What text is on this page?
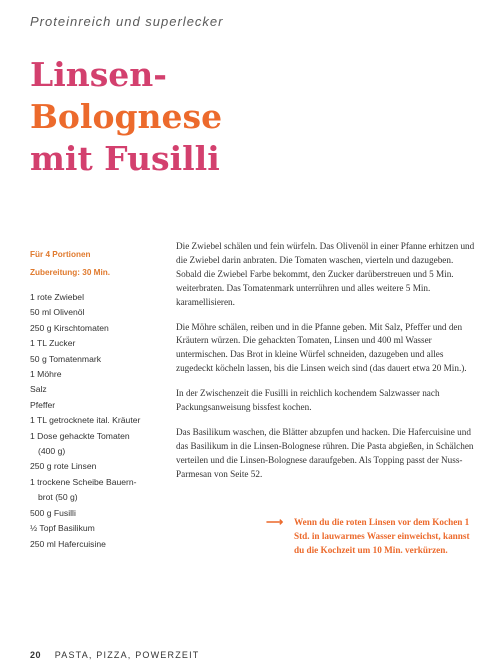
Proteinreich und superlecker
Linsen-
Bolognese
mit Fusilli
Für 4 Portionen
Zubereitung: 30 Min.
1 rote Zwiebel
50 ml Olivenöl
250 g Kirschtomaten
1 TL Zucker
50 g Tomatenmark
1 Möhre
Salz
Pfeffer
1 TL getrocknete ital. Kräuter
1 Dose gehackte Tomaten
(400 g)
250 g rote Linsen
1 trockene Scheibe Bauern-
brot (50 g)
500 g Fusilli
½ Topf Basilikum
250 ml Hafercuisine

Die Zwiebel schälen und fein würfeln. Das Olivenöl in einer Pfanne erhitzen und die Zwiebel darin anbraten. Die Tomaten waschen, vierteln und dazugeben. Sobald die Zwiebel Farbe bekommt, den Zucker darüberstreuen und 5 Min. weiterbraten. Das Tomatenmark unterrühren und alles weitere 5 Min. karamellisieren.

Die Möhre schälen, reiben und in die Pfanne geben. Mit Salz, Pfeffer und den Kräutern würzen. Die gehackten Tomaten, Linsen und 400 ml Wasser untermischen. Das Brot in kleine Würfel schneiden, dazugeben und alles zugedeckt köcheln lassen, bis die Linsen weich sind (das dauert etwa 20 Min.).

In der Zwischenzeit die Fusilli in reichlich kochendem Salzwasser nach Packungsanweisung bissfest kochen.

Das Basilikum waschen, die Blätter abzupfen und hacken. Die Hafercuisine und das Basilikum in die Linsen-Bolognese rühren. Die Pasta abgießen, in Schälchen verteilen und die Linsen-Bolognese daraufgeben. Als Topping passt der Nuss-Parmesan von Seite 52.

⟶	Wenn du die roten Linsen vor dem Kochen 1 Std. in lauwarmes Wasser einweichst, kannst du die Kochzeit um 10 Min. verkürzen.
20 PASTA, PIZZA, POWERZEIT
